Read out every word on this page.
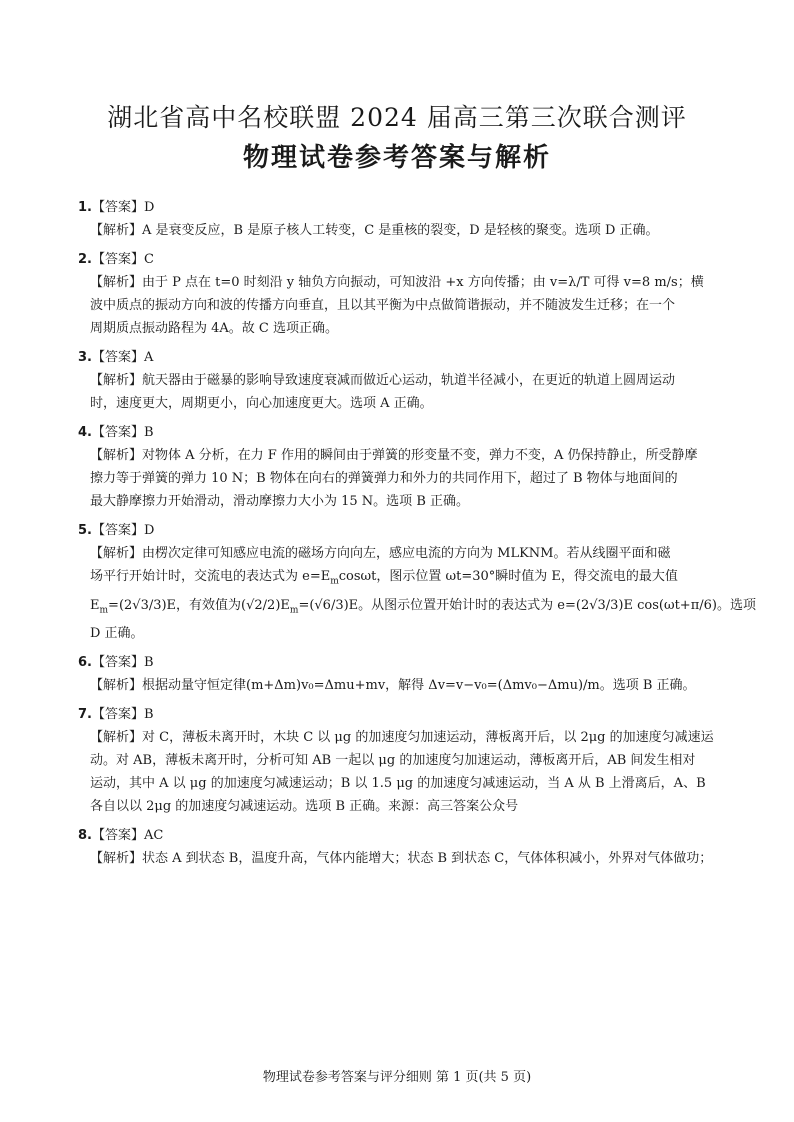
湖北省高中名校联盟 2024 届高三第三次联合测评
物理试卷参考答案与解析
1.【答案】D
【解析】A 是衰变反应，B 是原子核人工转变，C 是重核的裂变，D 是轻核的聚变。选项 D 正确。
2.【答案】C
【解析】由于 P 点在 t=0 时刻沿 y 轴负方向振动，可知波沿 +x 方向传播；由 v=λ/T 可得 v=8 m/s；横
波中质点的振动方向和波的传播方向垂直，且以其平衡为中点做简谐振动，并不随波发生迁移；在一个
周期质点振动路程为 4A。故 C 选项正确。
3.【答案】A
【解析】航天器由于磁暴的影响导致速度衰减而做近心运动，轨道半径减小，在更近的轨道上圆周运动
时，速度更大，周期更小，向心加速度更大。选项 A 正确。
4.【答案】B
【解析】对物体 A 分析，在力 F 作用的瞬间由于弹簧的形变量不变，弹力不变，A 仍保持静止，所受静摩
擦力等于弹簧的弹力 10 N；B 物体在向右的弹簧弹力和外力的共同作用下，超过了 B 物体与地面间的
最大静摩擦力开始滑动，滑动摩擦力大小为 15 N。选项 B 正确。
5.【答案】D
【解析】由楞次定律可知感应电流的磁场方向向左，感应电流的方向为 MLKNM。若从线圈平面和磁
场平行开始计时，交流电的表达式为 $e=E_m\cos\omega t$，图示位置 ωt=30°瞬时值为 E，得交流电的最大值
$E_m=(2√3/3)E$，有效值为$(√2/2)E_m=(√6/3)E$。从图示位置开始计时的表达式为 e=(2√3/3)E cos(ωt+π/6)。选项
D 正确。
6.【答案】B
【解析】根据动量守恒定律(m+Δm)v₀=Δmu+mv，解得 Δv=v−v₀=(Δmv₀−Δmu)/m。选项 B 正确。
7.【答案】B
【解析】对 C，薄板未离开时，木块 C 以 μg 的加速度匀加速运动，薄板离开后，以 2μg 的加速度匀减速运
动。对 AB，薄板未离开时，分析可知 AB 一起以 μg 的加速度匀加速运动，薄板离开后，AB 间发生相对
运动，其中 A 以 μg 的加速度匀减速运动；B 以 1.5 μg 的加速度匀减速运动，当 A 从 B 上滑离后，A、B
各自以以 2μg 的加速度匀减速运动。选项 B 正确。来源：高三答案公众号
8.【答案】AC
【解析】状态 A 到状态 B，温度升高，气体内能增大；状态 B 到状态 C，气体体积减小，外界对气体做功；
物理试卷参考答案与评分细则 第 1 页(共 5 页)
